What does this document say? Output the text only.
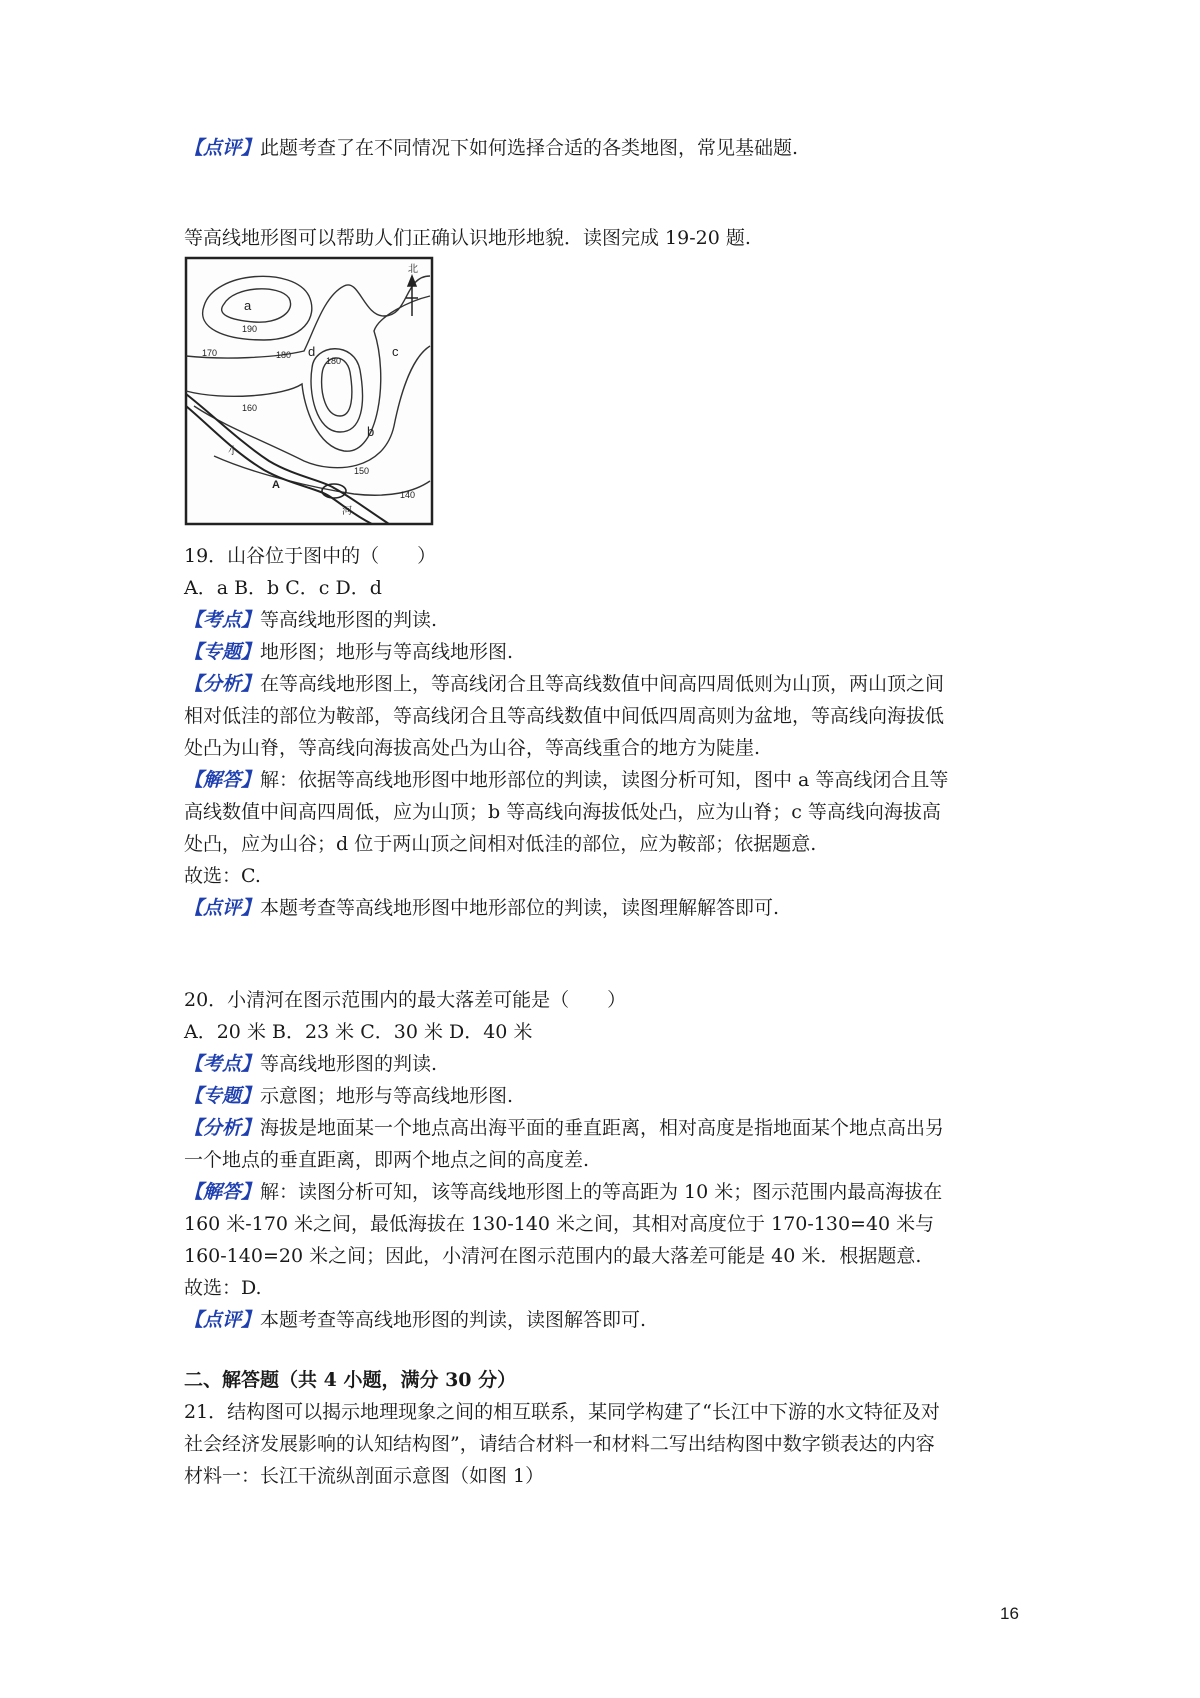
【点评】此题考查了在不同情况下如何选择合适的各类地图，常见基础题.

等高线地形图可以帮助人们正确认识地形地貌．读图完成 19-20 题.

北
a
b
c
d
A
小
河
190
180
180
170
160
150
140

19．山谷位于图中的（　　）

A．a B．b C．c D．d

【考点】等高线地形图的判读.

【专题】地形图；地形与等高线地形图.

【分析】在等高线地形图上，等高线闭合且等高线数值中间高四周低则为山顶，两山顶之间

相对低洼的部位为鞍部，等高线闭合且等高线数值中间低四周高则为盆地，等高线向海拔低

处凸为山脊，等高线向海拔高处凸为山谷，等高线重合的地方为陡崖.

【解答】解：依据等高线地形图中地形部位的判读，读图分析可知，图中 a 等高线闭合且等

高线数值中间高四周低，应为山顶；b 等高线向海拔低处凸，应为山脊；c 等高线向海拔高

处凸，应为山谷；d 位于两山顶之间相对低洼的部位，应为鞍部；依据题意.

故选：C.

【点评】本题考查等高线地形图中地形部位的判读，读图理解解答即可.

20．小清河在图示范围内的最大落差可能是（　　）

A．20 米 B．23 米 C．30 米 D．40 米

【考点】等高线地形图的判读.

【专题】示意图；地形与等高线地形图.

【分析】海拔是地面某一个地点高出海平面的垂直距离，相对高度是指地面某个地点高出另

一个地点的垂直距离，即两个地点之间的高度差.

【解答】解：读图分析可知，该等高线地形图上的等高距为 10 米；图示范围内最高海拔在

160 米-170 米之间，最低海拔在 130-140 米之间，其相对高度位于 170-130=40 米与

160-140=20 米之间；因此，小清河在图示范围内的最大落差可能是 40 米．根据题意.

故选：D.

【点评】本题考查等高线地形图的判读，读图解答即可.

二、解答题（共 4 小题，满分 30 分）

21．结构图可以揭示地理现象之间的相互联系，某同学构建了“长江中下游的水文特征及对

社会经济发展影响的认知结构图”，请结合材料一和材料二写出结构图中数字锁表达的内容

材料一：长江干流纵剖面示意图（如图 1）

16
